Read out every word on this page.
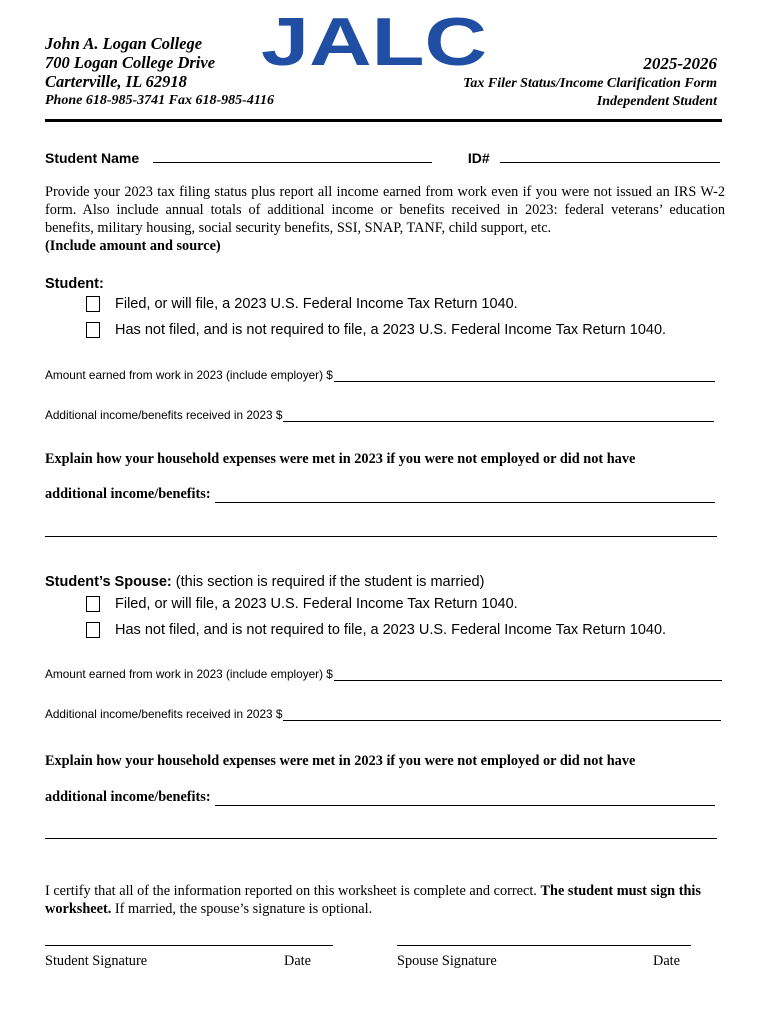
John A. Logan College
700 Logan College Drive
Carterville, IL 62918
Phone 618-985-3741 Fax 618-985-4116
JALC	2025-2026
Tax Filer Status/Income Clarification Form
Independent Student
Student Name	ID#

Provide your 2023 tax filing status plus report all income earned from work even if you were not issued an IRS W-2 form. Also include annual totals of additional income or benefits received in 2023: federal veterans’ education benefits, military housing, social security benefits, SSI, SNAP, TANF, child support, etc.

(Include amount and source)

Student:
Filed, or will file, a 2023 U.S. Federal Income Tax Return 1040.
Has not filed, and is not required to file, a 2023 U.S. Federal Income Tax Return 1040.
Amount earned from work in 2023 (include employer) $
Additional income/benefits received in 2023 $
Explain how your household expenses were met in 2023 if you were not employed or did not have
additional income/benefits:
Student’s Spouse: (this section is required if the student is married)
Filed, or will file, a 2023 U.S. Federal Income Tax Return 1040.
Has not filed, and is not required to file, a 2023 U.S. Federal Income Tax Return 1040.
Amount earned from work in 2023 (include employer) $
Additional income/benefits received in 2023 $
Explain how your household expenses were met in 2023 if you were not employed or did not have
additional income/benefits:
I certify that all of the information reported on this worksheet is complete and correct. The student must sign this worksheet. If married, the spouse’s signature is optional.
Student Signature	Date	Spouse Signature	Date
